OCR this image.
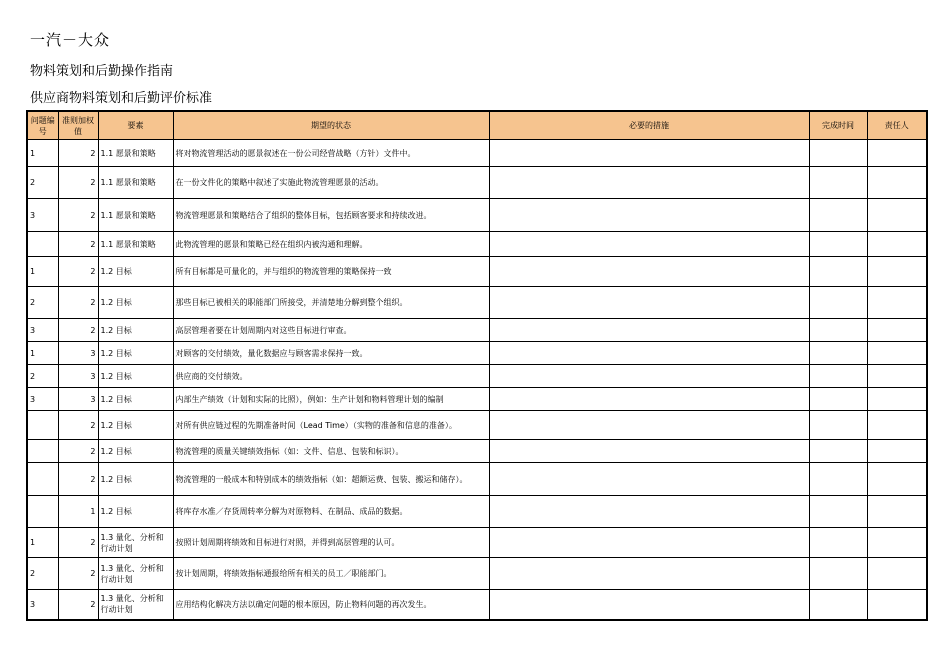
一汽－大众
物料策划和后勤操作指南
供应商物料策划和后勤评价标准
问题编号	准则加权值	要素	期望的状态	必要的措施	完成时间	责任人
1	2	1.1 愿景和策略	将对物流管理活动的愿景叙述在一份公司经营战略（方针）文件中。			
2	2	1.1 愿景和策略	在一份文件化的策略中叙述了实施此物流管理愿景的活动。			
3	2	1.1 愿景和策略	物流管理愿景和策略结合了组织的整体目标，包括顾客要求和持续改进。			
	2	1.1 愿景和策略	此物流管理的愿景和策略已经在组织内被沟通和理解。			
1	2	1.2 目标	所有目标都是可量化的，并与组织的物流管理的策略保持一致			
2	2	1.2 目标	那些目标已被相关的职能部门所接受，并清楚地分解到整个组织。			
3	2	1.2 目标	高层管理者要在计划周期内对这些目标进行审查。			
1	3	1.2 目标	对顾客的交付绩效，量化数据应与顾客需求保持一致。			
2	3	1.2 目标	供应商的交付绩效。			
3	3	1.2 目标	内部生产绩效（计划和实际的比照），例如：生产计划和物料管理计划的编制			
	2	1.2 目标	对所有供应链过程的先期准备时间（Lead Time）（实物的准备和信息的准备）。			
	2	1.2 目标	物流管理的质量关键绩效指标（如：文件、信息、包装和标识）。			
	2	1.2 目标	物流管理的一般成本和特别成本的绩效指标（如：超额运费、包装、搬运和储存）。			
	1	1.2 目标	将库存水准／存货周转率分解为对原物料、在制品、成品的数据。			
1	2	1.3 量化、分析和行动计划	按照计划周期将绩效和目标进行对照，并得到高层管理的认可。			
2	2	1.3 量化、分析和行动计划	按计划周期，将绩效指标通报给所有相关的员工／职能部门。			
3	2	1.3 量化、分析和行动计划	应用结构化解决方法以确定问题的根本原因，防止物料问题的再次发生。			
